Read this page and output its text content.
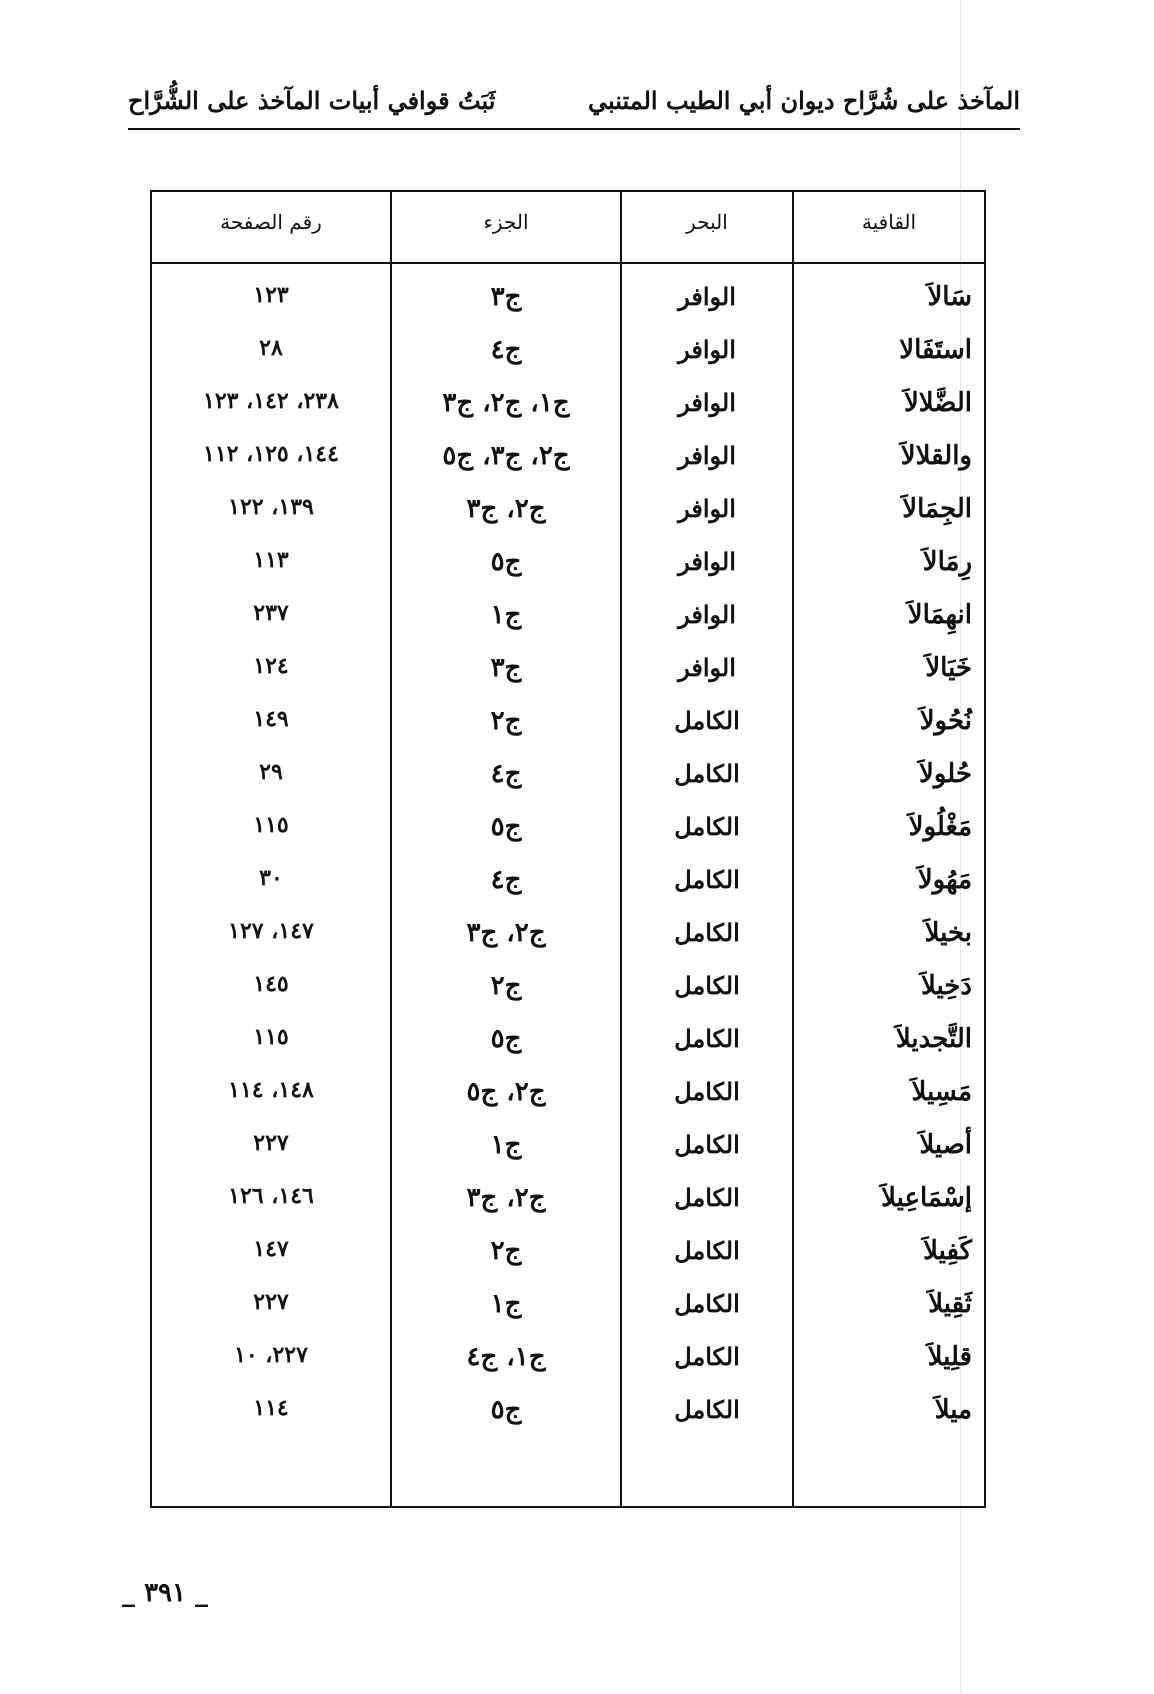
المآخذ على شُرَّاح ديوان أبي الطيب المتنبي
ثَبَتُ قوافي أبيات المآخذ على الشُّرَّاح
القافية
البحر
الجزء
رقم الصفحة
سَالاَ
الوافر
ج٣
١٢٣
استَفَالا
الوافر
ج٤
٢٨
الضَّلالاَ
الوافر
ج١، ج٢، ج٣
٢٣٨، ١٤٢، ١٢٣
والقلالاَ
الوافر
ج٢، ج٣، ج٥
١٤٤، ١٢٥، ١١٢
الجِمَالاَ
الوافر
ج٢، ج٣
١٣٩، ١٢٢
رِمَالاَ
الوافر
ج٥
١١٣
انهِمَالاَ
الوافر
ج١
٢٣٧
خَيَالاَ
الوافر
ج٣
١٢٤
نُحُولاَ
الكامل
ج٢
١٤٩
حُلولاَ
الكامل
ج٤
٢٩
مَغْلُولاَ
الكامل
ج٥
١١٥
مَهُولاَ
الكامل
ج٤
٣٠
بخيلاَ
الكامل
ج٢، ج٣
١٤٧، ١٢٧
دَخِيلاَ
الكامل
ج٢
١٤٥
التَّجديلاَ
الكامل
ج٥
١١٥
مَسِيلاَ
الكامل
ج٢، ج٥
١٤٨، ١١٤
أصيلاَ
الكامل
ج١
٢٢٧
إسْمَاعِيلاَ
الكامل
ج٢، ج٣
١٤٦، ١٢٦
كَفِيلاَ
الكامل
ج٢
١٤٧
ثَقِيلاَ
الكامل
ج١
٢٢٧
قلِيلاَ
الكامل
ج١، ج٤
٢٢٧، ١٠
ميلاَ
الكامل
ج٥
١١٤
_ ٣٩١ _
